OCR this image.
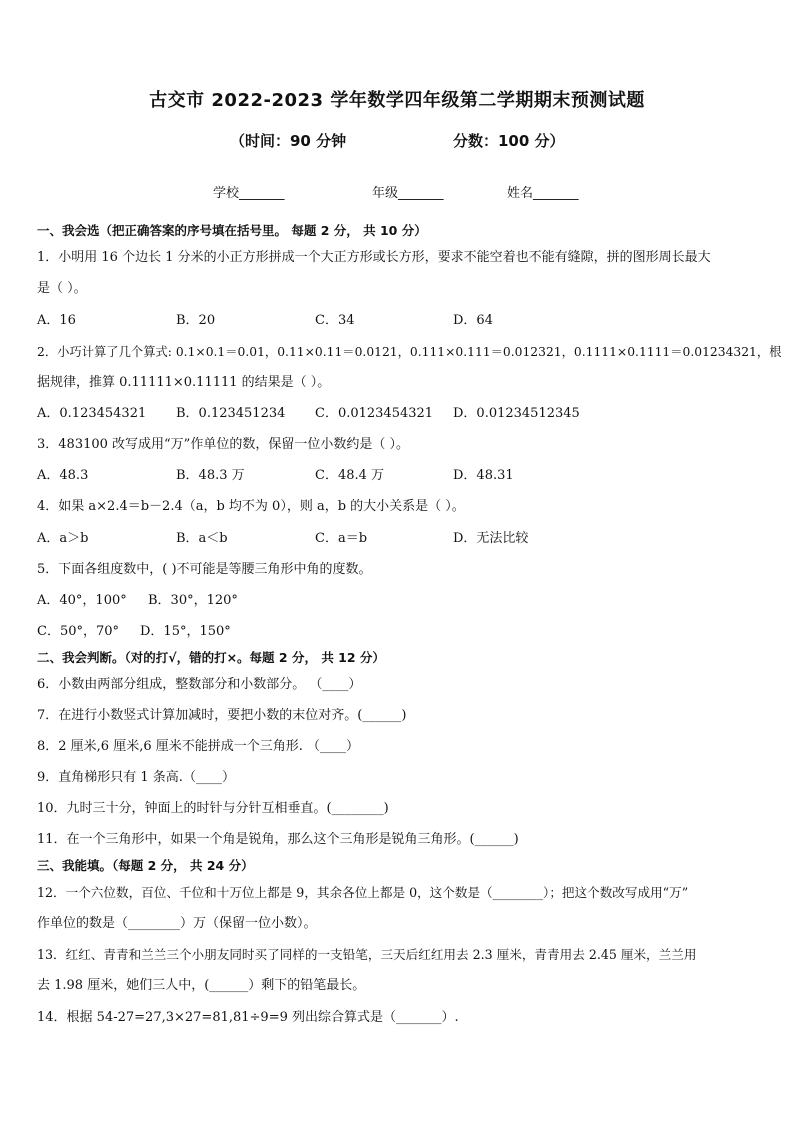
古交市 2022-2023 学年数学四年级第二学期期末预测试题
（时间：90 分钟	分数：100 分）
学校_______	年级_______	姓名_______
一、我会选（把正确答案的序号填在括号里。 每题 2 分， 共 10 分）
1．小明用 16 个边长 1 分米的小正方形拼成一个大正方形或长方形，要求不能空着也不能有缝隙，拼的图形周长最大
是（ ）。
A．16	B．20	C．34	D．64
2．小巧计算了几个算式: 0.1×0.1＝0.01，0.11×0.11＝0.0121，0.111×0.111＝0.012321，0.1111×0.1111＝0.01234321，根
据规律，推算 0.11111×0.11111 的结果是（ ）。
A．0.123454321 B．0.123451234 C．0.0123454321 D．0.01234512345
3．483100 改写成用“万”作单位的数，保留一位小数约是（ ）。
A．48.3	B．48.3 万	C．48.4 万	D．48.31
4．如果 a×2.4＝b－2.4（a，b 均不为 0），则 a，b 的大小关系是（ ）。
A．a＞b	B．a＜b	C．a＝b	D．无法比较
5．下面各组度数中，( )不可能是等腰三角形中角的度数。
A．40°，100° B．30°，120°
C．50°，70° D．15°，150°
二、我会判断。（对的打√，错的打×。每题 2 分， 共 12 分）
6．小数由两部分组成，整数部分和小数部分。 （____）
7．在进行小数竖式计算加减时，要把小数的末位对齐。(______)
8．2 厘米,6 厘米,6 厘米不能拼成一个三角形. （____）
9．直角梯形只有 1 条高.（____）
10．九时三十分，钟面上的时针与分针互相垂直。(________)
11．在一个三角形中，如果一个角是锐角，那么这个三角形是锐角三角形。(______)
三、我能填。（每题 2 分， 共 24 分）
12．一个六位数，百位、千位和十万位上都是 9，其余各位上都是 0，这个数是（________）；把这个数改写成用“万”
作单位的数是（________）万（保留一位小数）。
13．红红、青青和兰兰三个小朋友同时买了同样的一支铅笔，三天后红红用去 2.3 厘米，青青用去 2.45 厘米，兰兰用
去 1.98 厘米，她们三人中，(______）剩下的铅笔最长。
14．根据 54-27=27,3×27=81,81÷9=9 列出综合算式是（_______）.
